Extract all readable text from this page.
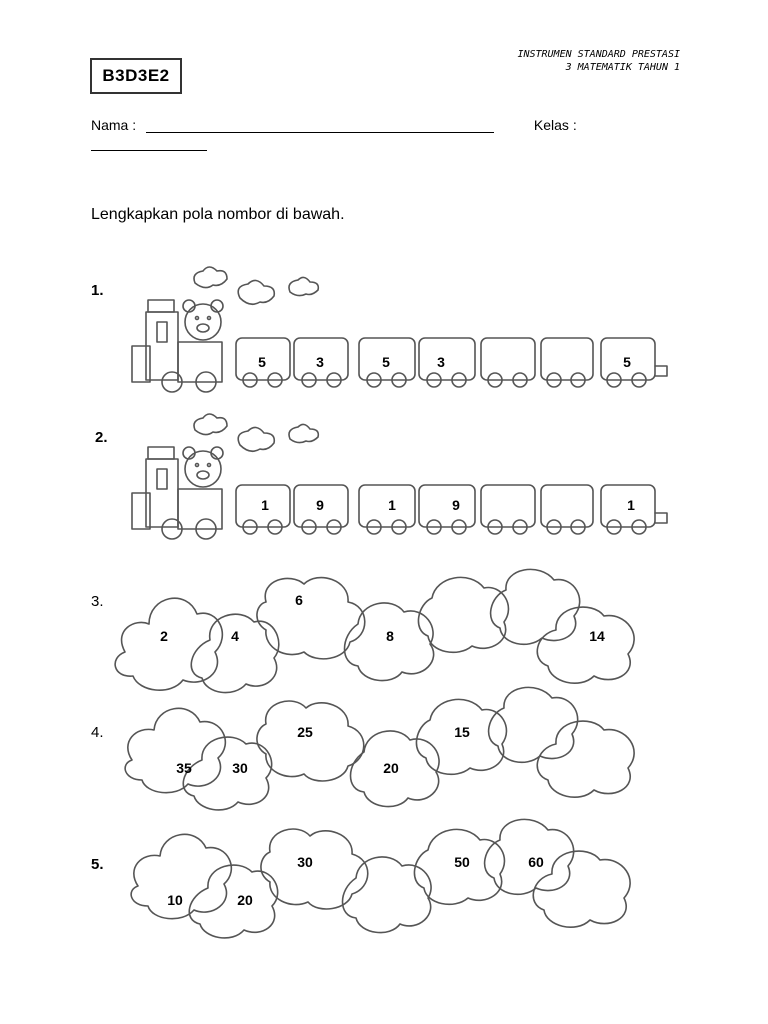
B3D3E2
INSTRUMEN STANDARD PRESTASI
3 MATEMATIK TAHUN 1
Nama :	Kelas :
Lengkapkan pola nombor di bawah.
1.
2.
3.
4.
5.
5	3	5	3	5
1	9	1	9	1
2	4
6
8	14
35	30
25
20
15
10	20
30	50	60
